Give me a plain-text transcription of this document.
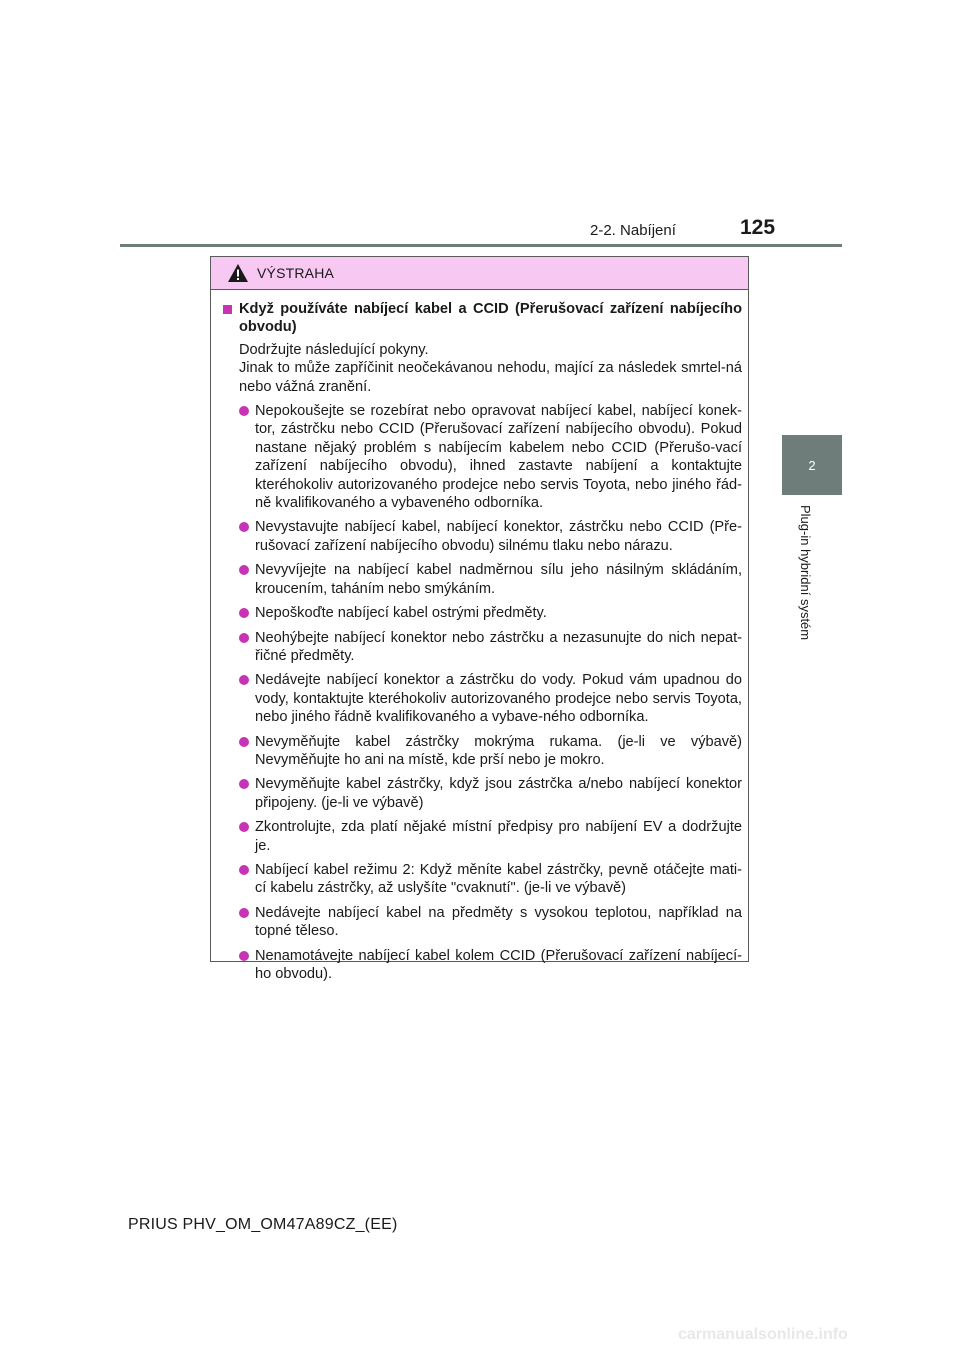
2-2. Nabíjení	125
2
Plug-in hybridní systém
VÝSTRAHA
Když používáte nabíjecí kabel a CCID (Přerušovací zařízení nabíjecího obvodu)
Dodržujte následující pokyny.
Jinak to může zapříčinit neočekávanou nehodu, mající za následek smrtel-ná nebo vážná zranění.
Nepokoušejte se rozebírat nebo opravovat nabíjecí kabel, nabíjecí konek-tor, zástrčku nebo CCID (Přerušovací zařízení nabíjecího obvodu). Pokud nastane nějaký problém s nabíjecím kabelem nebo CCID (Přerušo-vací zařízení nabíjecího obvodu), ihned zastavte nabíjení a kontaktujte kteréhokoliv autorizovaného prodejce nebo servis Toyota, nebo jiného řád-ně kvalifikovaného a vybaveného odborníka.
Nevystavujte nabíjecí kabel, nabíjecí konektor, zástrčku nebo CCID (Pře-rušovací zařízení nabíjecího obvodu) silnému tlaku nebo nárazu.
Nevyvíjejte na nabíjecí kabel nadměrnou sílu jeho násilným skládáním, kroucením, taháním nebo smýkáním.
Nepoškoďte nabíjecí kabel ostrými předměty.
Neohýbejte nabíjecí konektor nebo zástrčku a nezasunujte do nich nepat-řičné předměty.
Nedávejte nabíjecí konektor a zástrčku do vody. Pokud vám upadnou do vody, kontaktujte kteréhokoliv autorizovaného prodejce nebo servis Toyota, nebo jiného řádně kvalifikovaného a vybave-ného odborníka.
Nevyměňujte kabel zástrčky mokrýma rukama. (je-li ve výbavě) Nevyměňujte ho ani na místě, kde prší nebo je mokro.
Nevyměňujte kabel zástrčky, když jsou zástrčka a/nebo nabíjecí konektor připojeny. (je-li ve výbavě)
Zkontrolujte, zda platí nějaké místní předpisy pro nabíjení EV a dodržujte je.
Nabíjecí kabel režimu 2: Když měníte kabel zástrčky, pevně otáčejte mati-cí kabelu zástrčky, až uslyšíte "cvaknutí". (je-li ve výbavě)
Nedávejte nabíjecí kabel na předměty s vysokou teplotou, například na topné těleso.
Nenamotávejte nabíjecí kabel kolem CCID (Přerušovací zařízení nabíjecí-ho obvodu).
PRIUS PHV_OM_OM47A89CZ_(EE)
carmanualsonline.info
